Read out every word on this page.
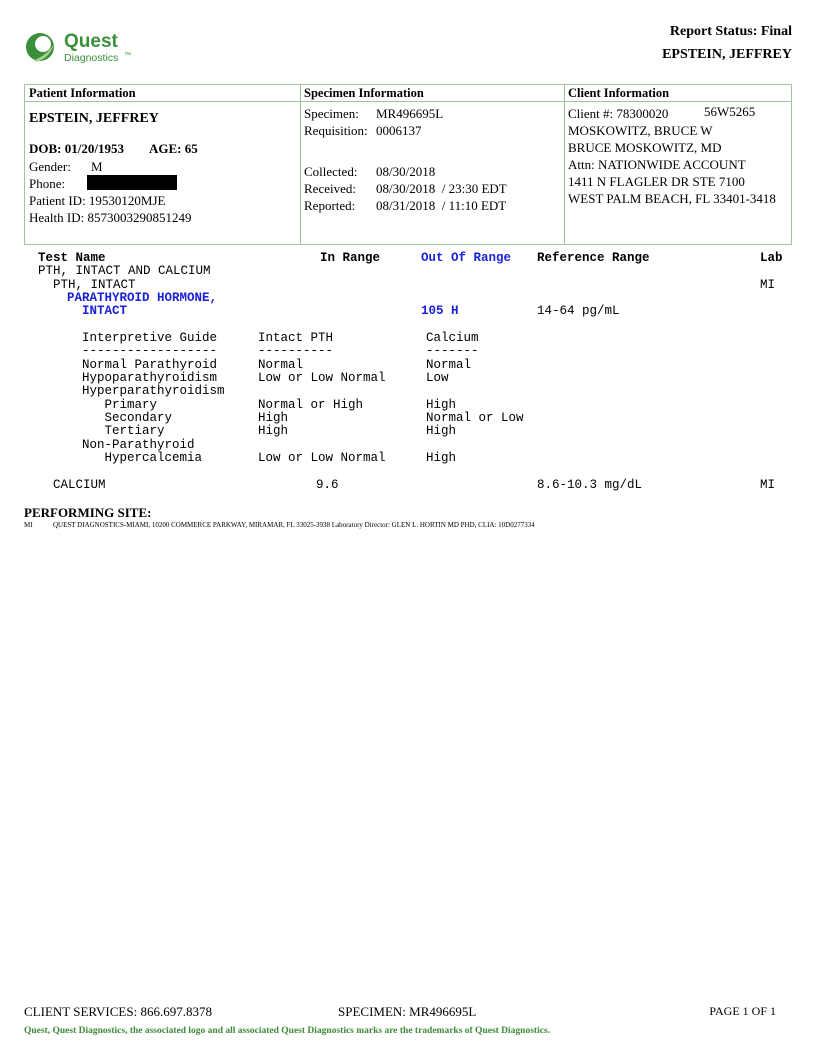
Quest
Diagnostics ™
Report Status: Final
EPSTEIN, JEFFREY
Patient Information	Specimen Information	Client Information
EPSTEIN, JEFFREY
DOB: 01/20/1953 AGE: 65
Gender: M
Phone:
Patient ID: 19530120MJE
Health ID: 8573003290851249
Specimen: MR496695L
Requisition: 0006137
Collected: 08/30/2018
Received: 08/30/2018  / 23:30 EDT
Reported: 08/31/2018  / 11:10 EDT
Client #: 78300020	56W5265
MOSKOWITZ, BRUCE W
BRUCE MOSKOWITZ, MD
Attn: NATIONWIDE ACCOUNT
1411 N FLAGLER DR STE 7100
WEST PALM BEACH, FL 33401-3418
Test Name	In Range	Out Of Range Reference Range	Lab
PTH, INTACT AND CALCIUM
PTH, INTACT	MI
PARATHYROID HORMONE,
INTACT	105 H	14-64 pg/mL
Interpretive Guide	Intact PTH	Calcium
------------------	----------	-------
Normal Parathyroid	Normal	Normal
Hypoparathyroidism	Low or Low Normal	Low
Hyperparathyroidism
Primary	Normal or High	High
Secondary	High	Normal or Low
Tertiary	High	High
Non-Parathyroid
Hypercalcemia	Low or Low Normal	High
CALCIUM	9.6	8.6-10.3 mg/dL	MI
PERFORMING SITE:
MI	QUEST DIAGNOSTICS-MIAMI, 10200 COMMERCE PARKWAY, MIRAMAR, FL 33025-3938 Laboratory Director: GLEN L. HORTIN MD PHD, CLIA: 10D0277334
CLIENT SERVICES: 866.697.8378	SPECIMEN: MR496695L	PAGE 1 OF 1
Quest, Quest Diagnostics, the associated logo and all associated Quest Diagnostics marks are the trademarks of Quest Diagnostics.
